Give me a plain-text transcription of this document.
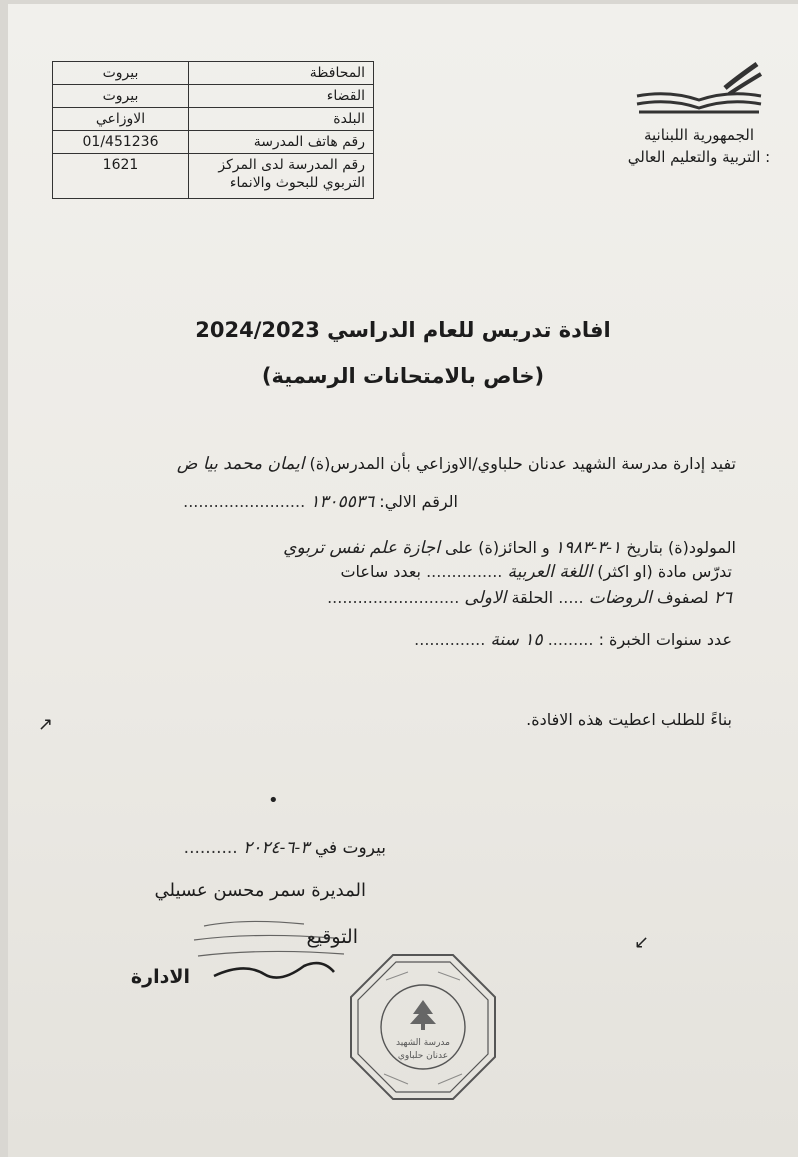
المحافظة	بيروت
القضاء	بيروت
البلدة	الاوزاعي
رقم هاتف المدرسة	01/451236
رقم المدرسة لدى المركز التربوي للبحوث والانماء	1621
الجمهورية اللبنانية
: التربية والتعليم العالي
افادة تدريس للعام الدراسي 2024/2023
(خاص بالامتحانات الرسمية)
تفيد إدارة مدرسة الشهيد عدنان حلباوي/الاوزاعي بأن المدرس(ة) ايمان محمد بيا ض
الرقم الالي: ١٣٠٥٥٣٦ ........................
المولود(ة) بتاريخ ١-٣-١٩٨٣ و الحائز(ة) على اجازة علم نفس تربوي
تدرّس مادة (او اكثر) اللغة العربية ............... بعدد ساعات
٢٦ لصفوف الروضات ..... الحلقة الاولى ..........................
عدد سنوات الخبرة : ......... ١٥ سنة ..............
بناءً للطلب اعطيت هذه الافادة.
بيروت في ٣-٦-٢٠٢٤ ..........
المديرة سمر محسن عسيلي
التوقيع
الادارة
مدرسة الشهيد
عدنان حلباوي
↗
•
↙
